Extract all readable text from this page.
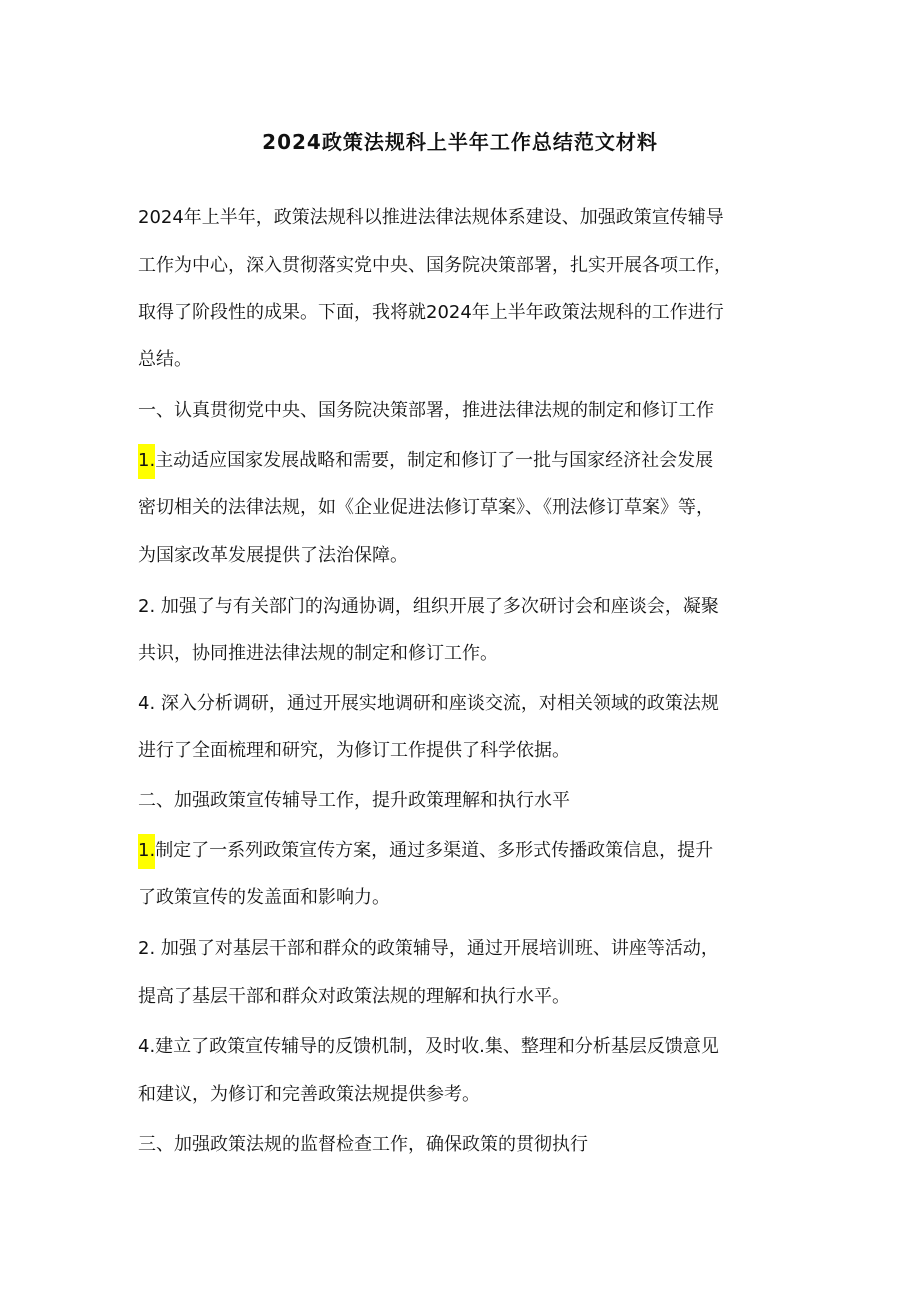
2024政策法规科上半年工作总结范文材料

2024年上半年，政策法规科以推进法律法规体系建设、加强政策宣传辅导

工作为中心，深入贯彻落实党中央、国务院决策部署，扎实开展各项工作，

取得了阶段性的成果。下面，我将就2024年上半年政策法规科的工作进行

总结。

一、认真贯彻党中央、国务院决策部署，推进法律法规的制定和修订工作

1.主动适应国家发展战略和需要，制定和修订了一批与国家经济社会发展

密切相关的法律法规，如《企业促进法修订草案》、《刑法修订草案》等，

为国家改革发展提供了法治保障。

2. 加强了与有关部门的沟通协调，组织开展了多次研讨会和座谈会，凝聚

共识，协同推进法律法规的制定和修订工作。

4. 深入分析调研，通过开展实地调研和座谈交流，对相关领域的政策法规

进行了全面梳理和研究，为修订工作提供了科学依据。

二、加强政策宣传辅导工作，提升政策理解和执行水平

1.制定了一系列政策宣传方案，通过多渠道、多形式传播政策信息，提升

了政策宣传的发盖面和影响力。

2. 加强了对基层干部和群众的政策辅导，通过开展培训班、讲座等活动，

提高了基层干部和群众对政策法规的理解和执行水平。

4.建立了政策宣传辅导的反馈机制，及时收.集、整理和分析基层反馈意见

和建议，为修订和完善政策法规提供参考。

三、加强政策法规的监督检查工作，确保政策的贯彻执行
